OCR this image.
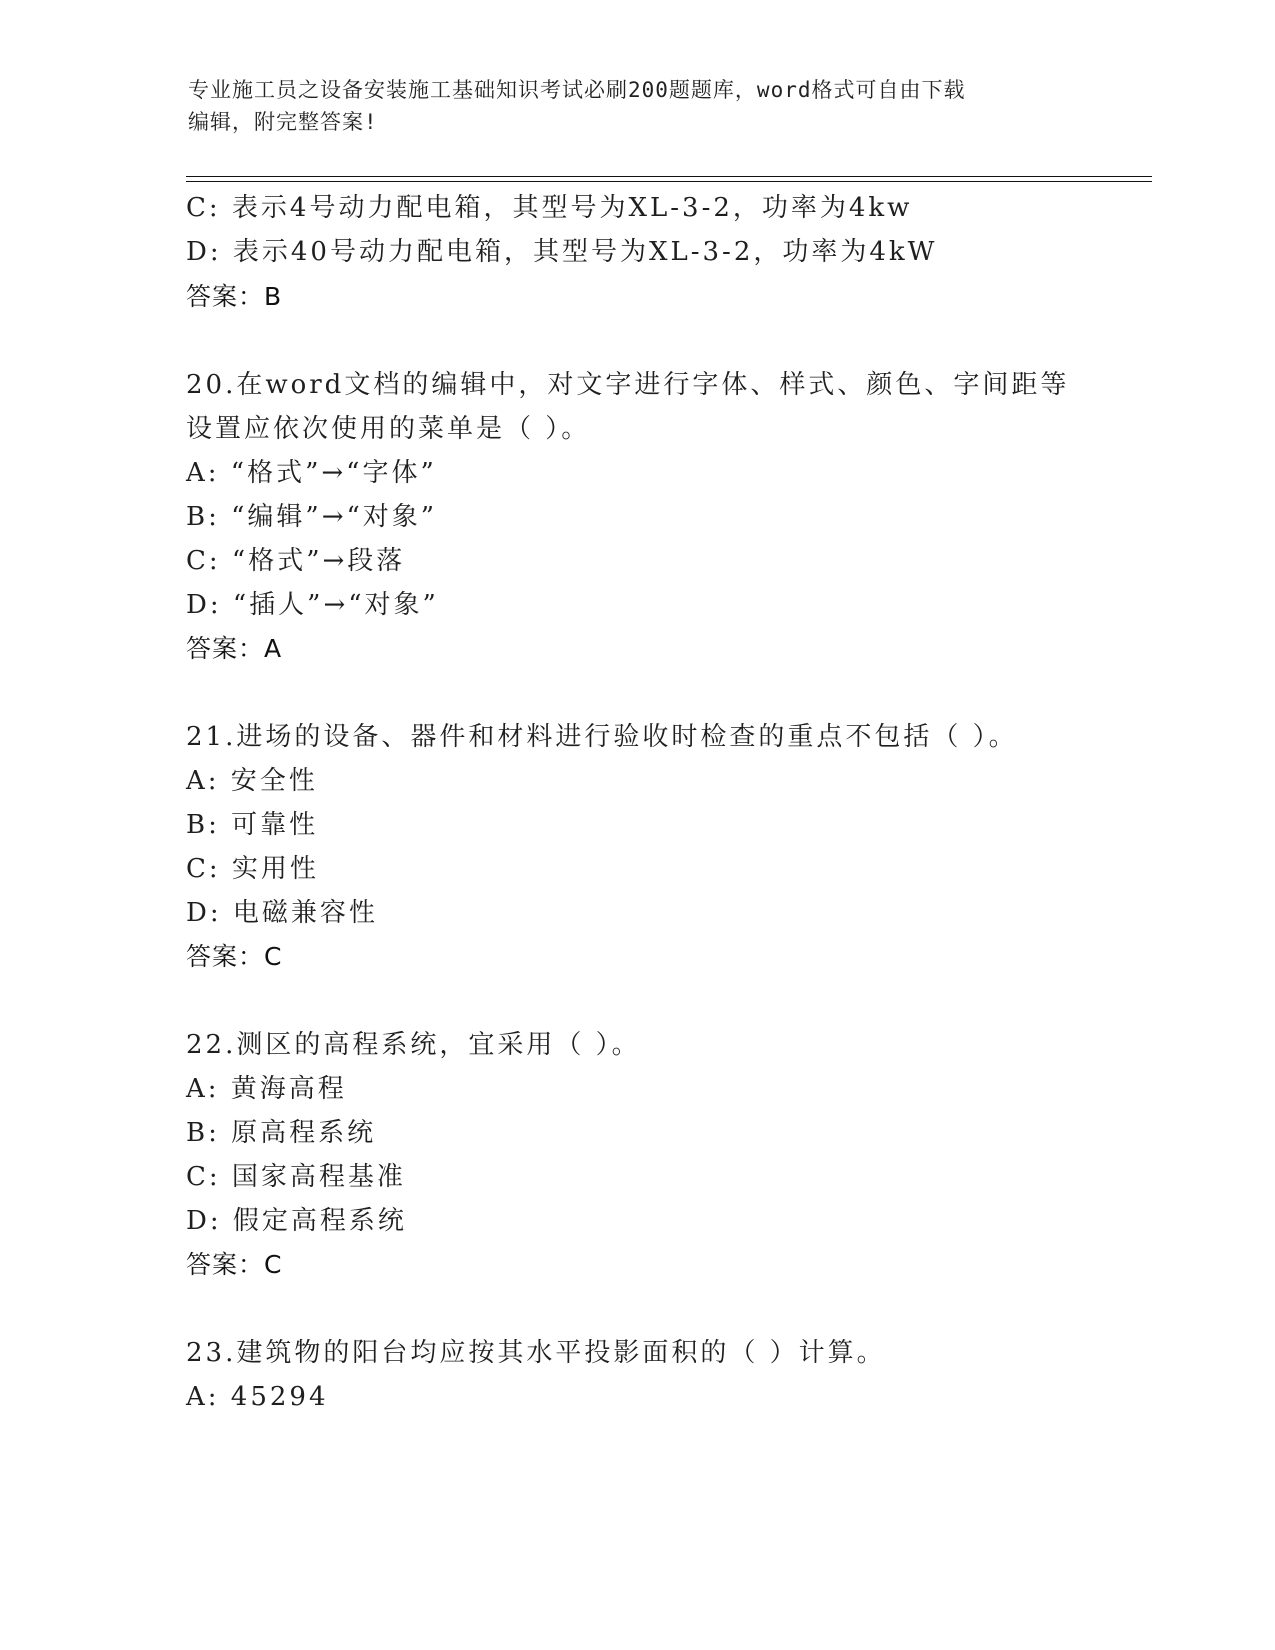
专业施工员之设备安装施工基础知识考试必刷200题题库，word格式可自由下载
编辑，附完整答案!
C: 表示4号动力配电箱，其型号为XL-3-2，功率为4kw
D: 表示40号动力配电箱，其型号为XL-3-2，功率为4kW
答案：B
20.在word文档的编辑中，对文字进行字体、样式、颜色、字间距等
设置应依次使用的菜单是（ ）。
A: “格式”→“字体”
B: “编辑”→“对象”
C: “格式”→段落
D: “插人”→“对象”
答案：A
21.进场的设备、器件和材料进行验收时检查的重点不包括（ ）。
A: 安全性
B: 可靠性
C: 实用性
D: 电磁兼容性
答案：C
22.测区的高程系统，宜采用（ ）。
A: 黄海高程
B: 原高程系统
C: 国家高程基准
D: 假定高程系统
答案：C
23.建筑物的阳台均应按其水平投影面积的（ ）计算。
A: 45294
